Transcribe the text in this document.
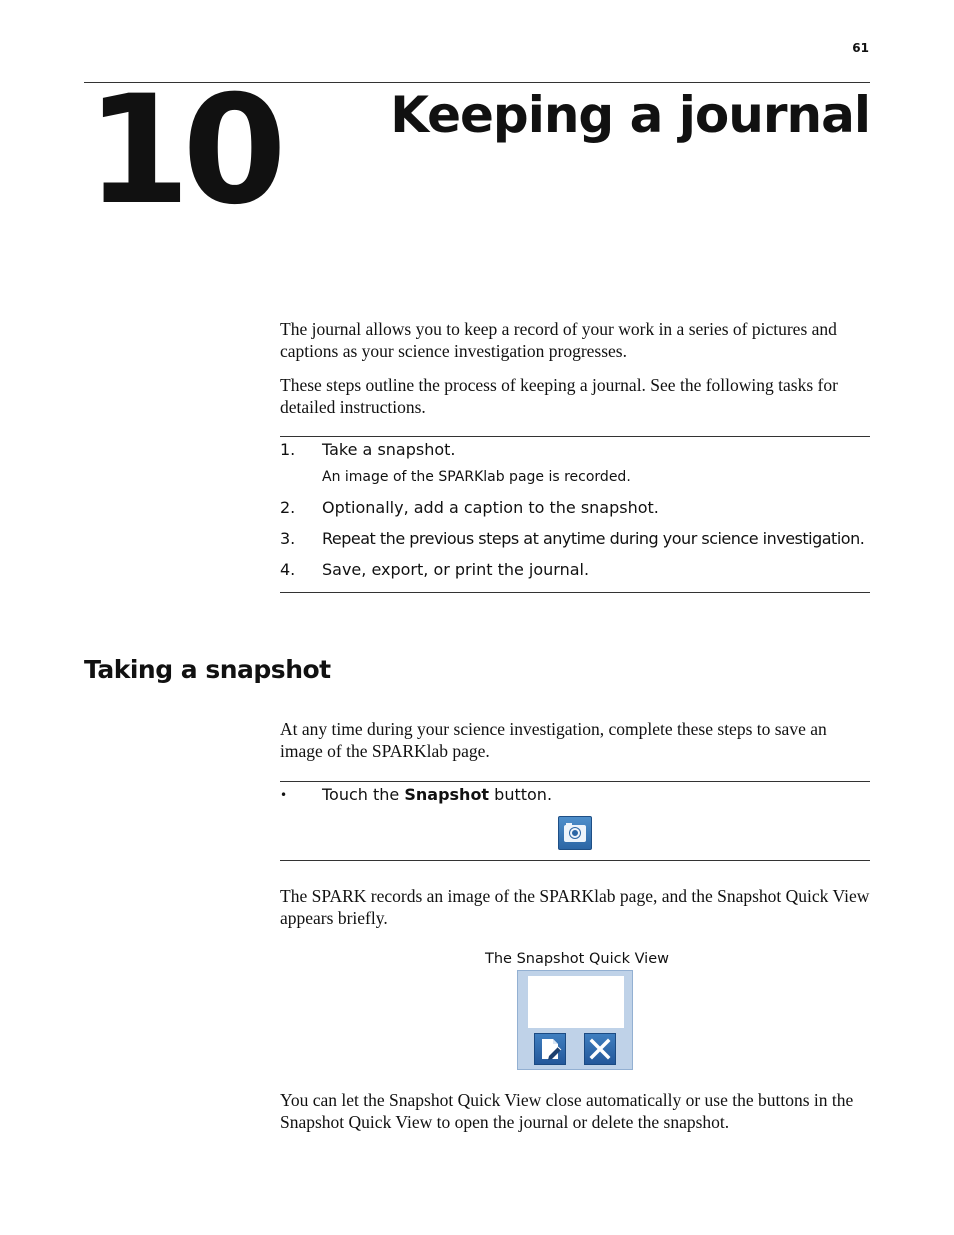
61
10 Keeping a journal
The journal allows you to keep a record of your work in a series of pictures and captions as your science investigation progresses.
These steps outline the process of keeping a journal. See the following tasks for detailed instructions.
1. Take a snapshot.
An image of the SPARKlab page is recorded.
2. Optionally, add a caption to the snapshot.
3. Repeat the previous steps at anytime during your science investigation.
4. Save, export, or print the journal.
Taking a snapshot
At any time during your science investigation, complete these steps to save an image of the SPARKlab page.
• Touch the Snapshot button.
The SPARK records an image of the SPARKlab page, and the Snapshot Quick View appears briefly.
The Snapshot Quick View
You can let the Snapshot Quick View close automatically or use the buttons in the Snapshot Quick View to open the journal or delete the snapshot.
